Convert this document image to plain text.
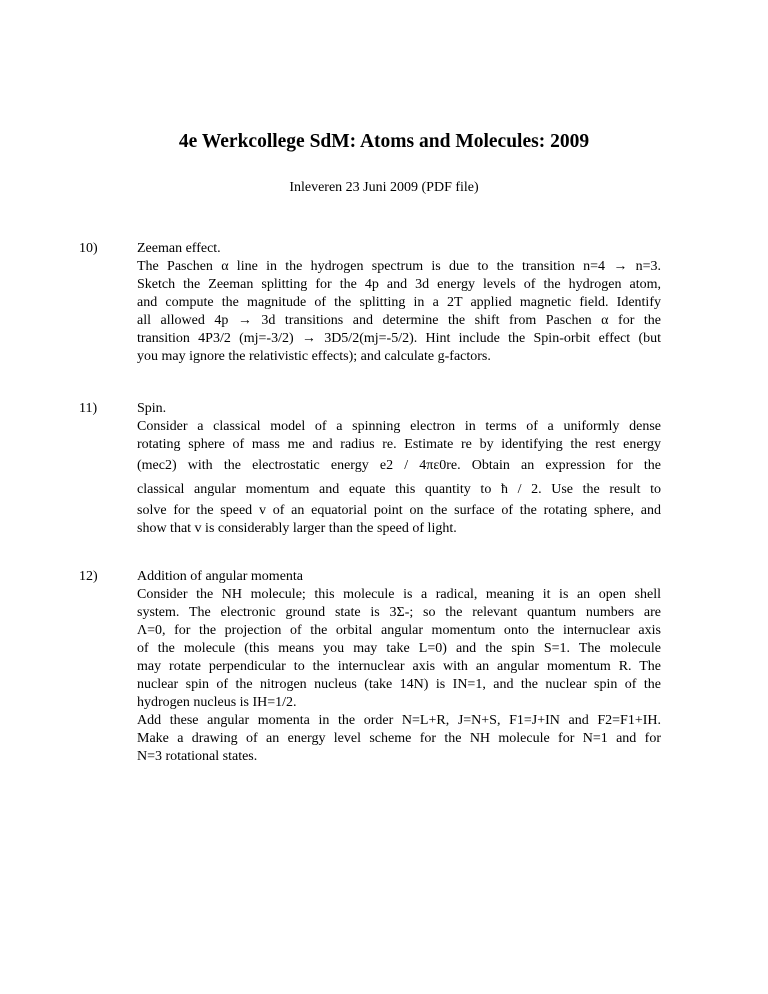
4e Werkcollege SdM: Atoms and Molecules: 2009
Inleveren 23 Juni 2009 (PDF file)
10)	Zeeman effect.
The Paschen α line in the hydrogen spectrum is due to the transition n=4 → n=3.
Sketch the Zeeman splitting for the 4p and 3d energy levels of the hydrogen atom,
and compute the magnitude of the splitting in a 2T applied magnetic field. Identify
all allowed 4p → 3d transitions and determine the shift from Paschen α for the
transition 4P3/2 (mj=-3/2) → 3D5/2(mj=-5/2). Hint include the Spin-orbit effect (but
you may ignore the relativistic effects); and calculate g-factors.
11)	Spin.
Consider a classical model of a spinning electron in terms of a uniformly dense
rotating sphere of mass me and radius re. Estimate re by identifying the rest energy
(mec2) with the electrostatic energy e2 / 4πε0re. Obtain an expression for the
classical angular momentum and equate this quantity to ħ / 2. Use the result to
solve for the speed v of an equatorial point on the surface of the rotating sphere, and
show that v is considerably larger than the speed of light.
12)	Addition of angular momenta
Consider the NH molecule; this molecule is a radical, meaning it is an open shell
system. The electronic ground state is 3Σ-; so the relevant quantum numbers are
Λ=0, for the projection of the orbital angular momentum onto the internuclear axis
of the molecule (this means you may take L=0) and the spin S=1. The molecule
may rotate perpendicular to the internuclear axis with an angular momentum R. The
nuclear spin of the nitrogen nucleus (take 14N) is IN=1, and the nuclear spin of the
hydrogen nucleus is IH=1/2.
Add these angular momenta in the order N=L+R, J=N+S, F1=J+IN and F2=F1+IH.
Make a drawing of an energy level scheme for the NH molecule for N=1 and for
N=3 rotational states.
